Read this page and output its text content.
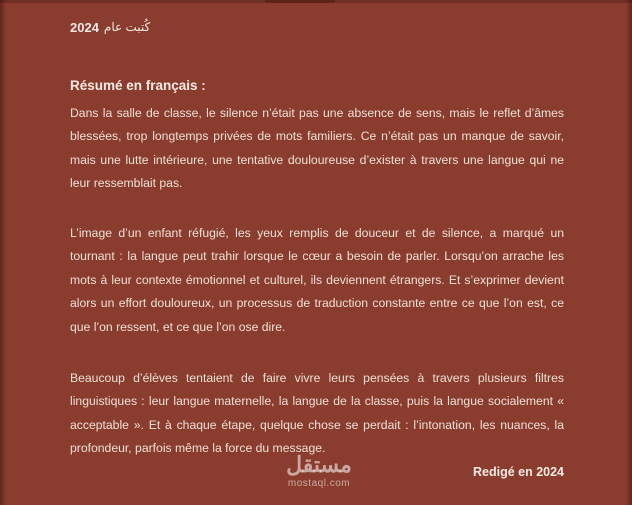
2024 كُتبت عام
Résumé en français :

Dans la salle de classe, le silence n’était pas une absence de sens, mais le reflet d’âmes blessées, trop longtemps privées de mots familiers. Ce n’était pas un manque de savoir, mais une lutte intérieure, une tentative douloureuse d’exister à travers une langue qui ne leur ressemblait pas.

L’image d’un enfant réfugié, les yeux remplis de douceur et de silence, a marqué un tournant : la langue peut trahir lorsque le cœur a besoin de parler. Lorsqu’on arrache les mots à leur contexte émotionnel et culturel, ils deviennent étrangers. Et s’exprimer devient alors un effort douloureux, un processus de traduction constante entre ce que l’on est, ce que l’on ressent, et ce que l’on ose dire.

Beaucoup d’élèves tentaient de faire vivre leurs pensées à travers plusieurs filtres linguistiques : leur langue maternelle, la langue de la classe, puis la langue socialement « acceptable ». Et à chaque étape, quelque chose se perdait : l’intonation, les nuances, la profondeur, parfois même la force du message.

Redigé en 2024
مستقل
mostaql.com
